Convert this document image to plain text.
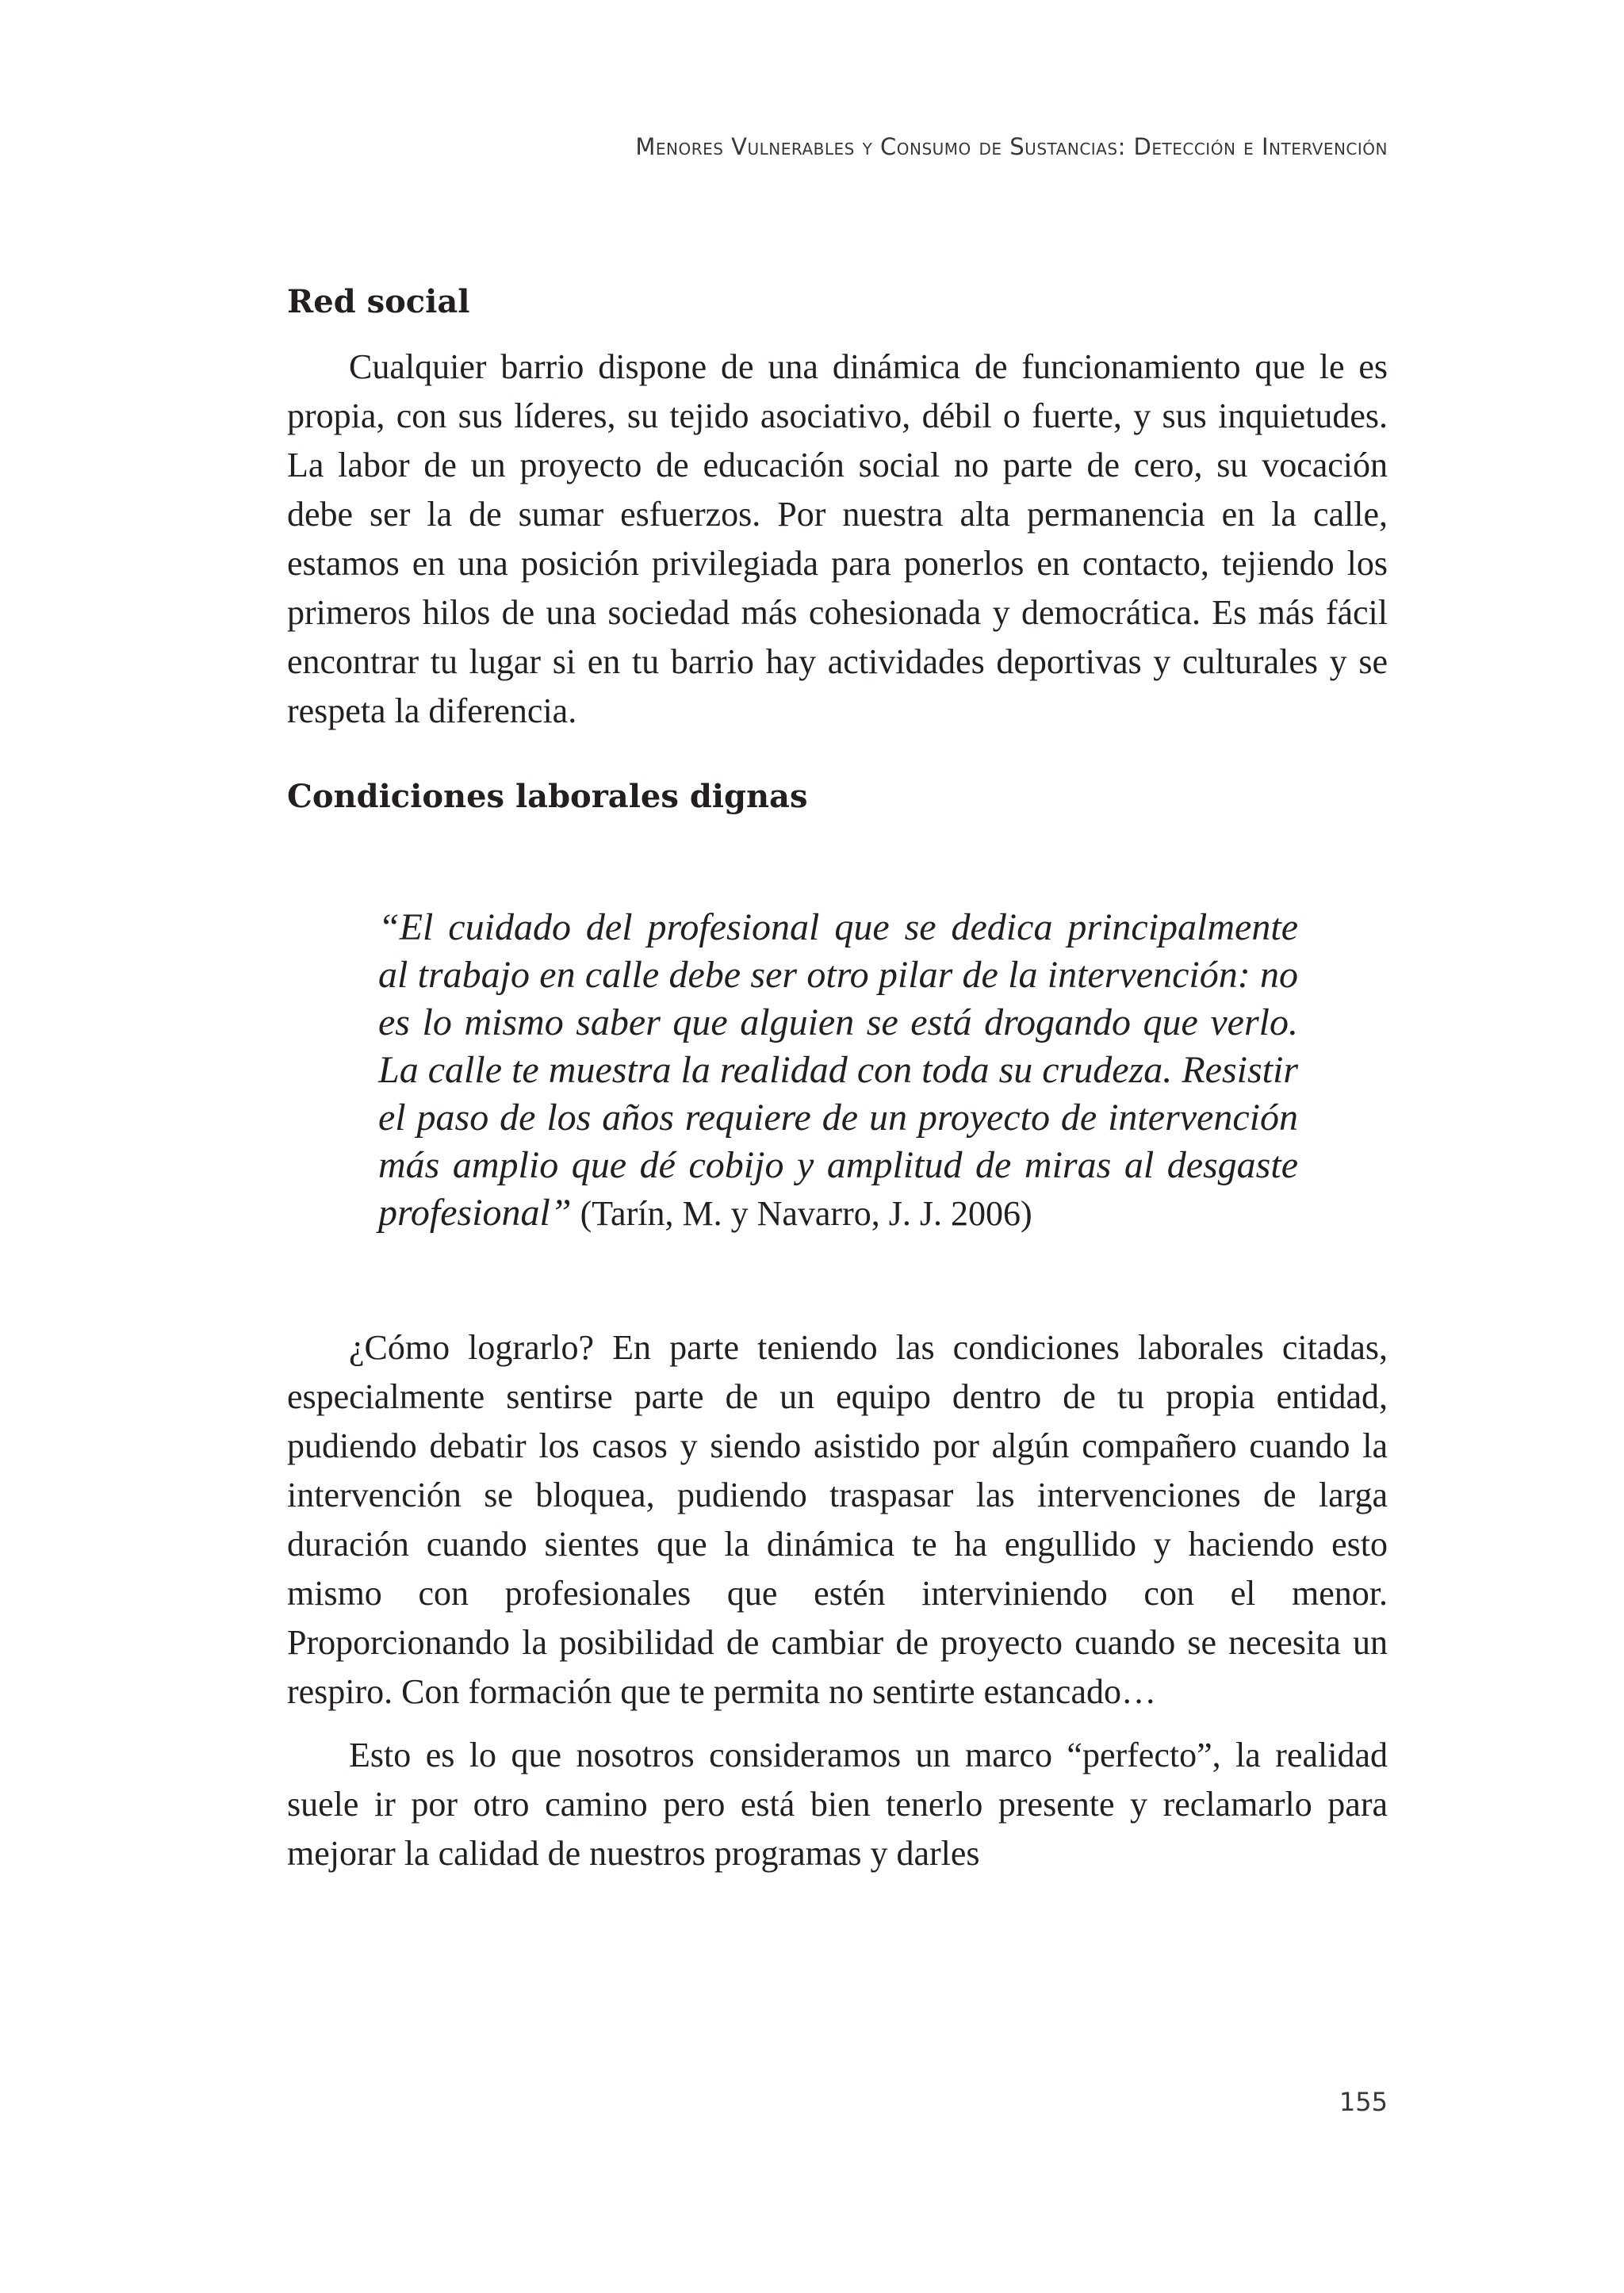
Menores Vulnerables y Consumo de Sustancias: Detección e Intervención
Red social

Cualquier barrio dispone de una dinámica de funcionamiento que le es propia, con sus líderes, su tejido asociativo, débil o fuerte, y sus inquietudes. La labor de un proyecto de educación social no parte de cero, su vocación debe ser la de sumar esfuerzos. Por nuestra alta permanencia en la calle, estamos en una posición privilegiada para ponerlos en contacto, tejiendo los primeros hilos de una sociedad más cohesionada y democrática. Es más fácil encontrar tu lugar si en tu barrio hay actividades deportivas y culturales y se respeta la diferencia.

Condiciones laborales dignas

“El cuidado del profesional que se dedica principalmente al trabajo en calle debe ser otro pilar de la intervención: no es lo mismo saber que alguien se está drogando que verlo. La calle te muestra la realidad con toda su crudeza. Resistir el paso de los años requiere de un proyecto de intervención más amplio que dé cobijo y amplitud de miras al desgaste profesional” (Tarín, M. y Navarro, J. J. 2006)

¿Cómo lograrlo? En parte teniendo las condiciones laborales citadas, especialmente sentirse parte de un equipo dentro de tu propia entidad, pudiendo debatir los casos y siendo asistido por algún compañero cuando la intervención se bloquea, pudiendo traspasar las intervenciones de larga duración cuando sientes que la dinámica te ha engullido y haciendo esto mismo con profesionales que estén interviniendo con el menor. Proporcionando la posibilidad de cambiar de proyecto cuando se necesita un respiro. Con formación que te permita no sentirte estancado…

Esto es lo que nosotros consideramos un marco “perfecto”, la realidad suele ir por otro camino pero está bien tenerlo presente y reclamarlo para mejorar la calidad de nuestros programas y darles

155
